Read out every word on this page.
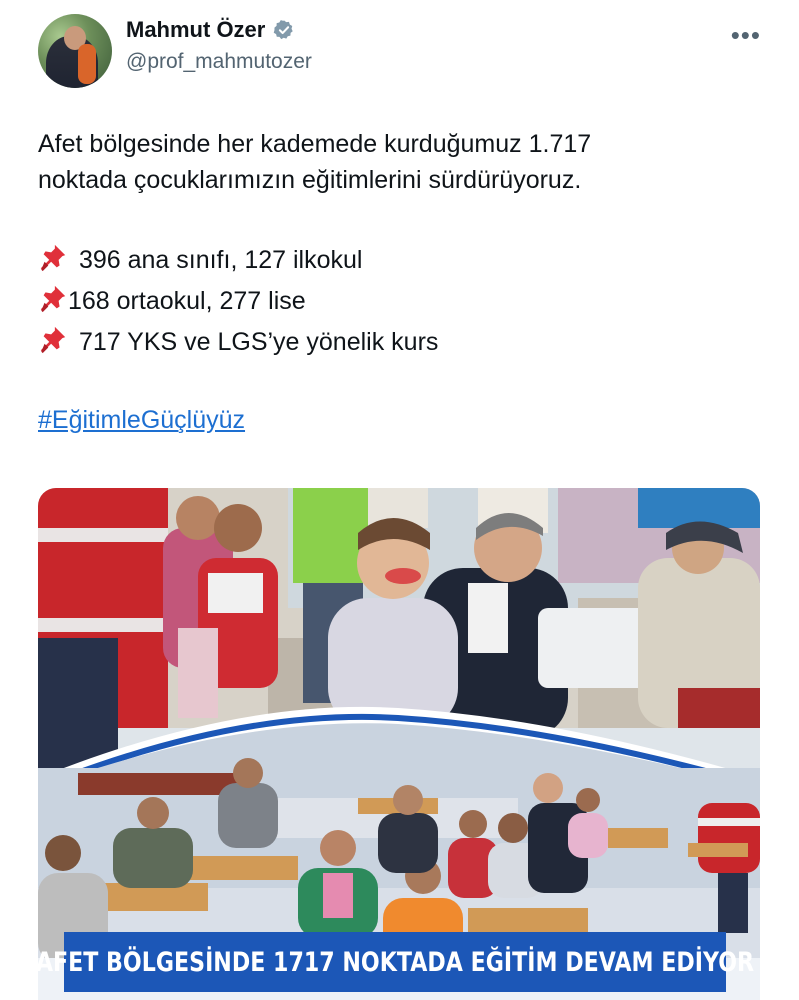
Mahmut Özer
@prof_mahmutozer
•••
Afet bölgesinde her kademede kurduğumuz 1.717
noktada çocuklarımızın eğitimlerini sürdürüyoruz.
396 ana sınıfı, 127 ilkokul
168 ortaokul, 277 lise
717 YKS ve LGS’ye yönelik kurs
#EğitimleGüçlüyüz
AFET BÖLGESİNDE 1717 NOKTADA EĞİTİM DEVAM EDİYOR
